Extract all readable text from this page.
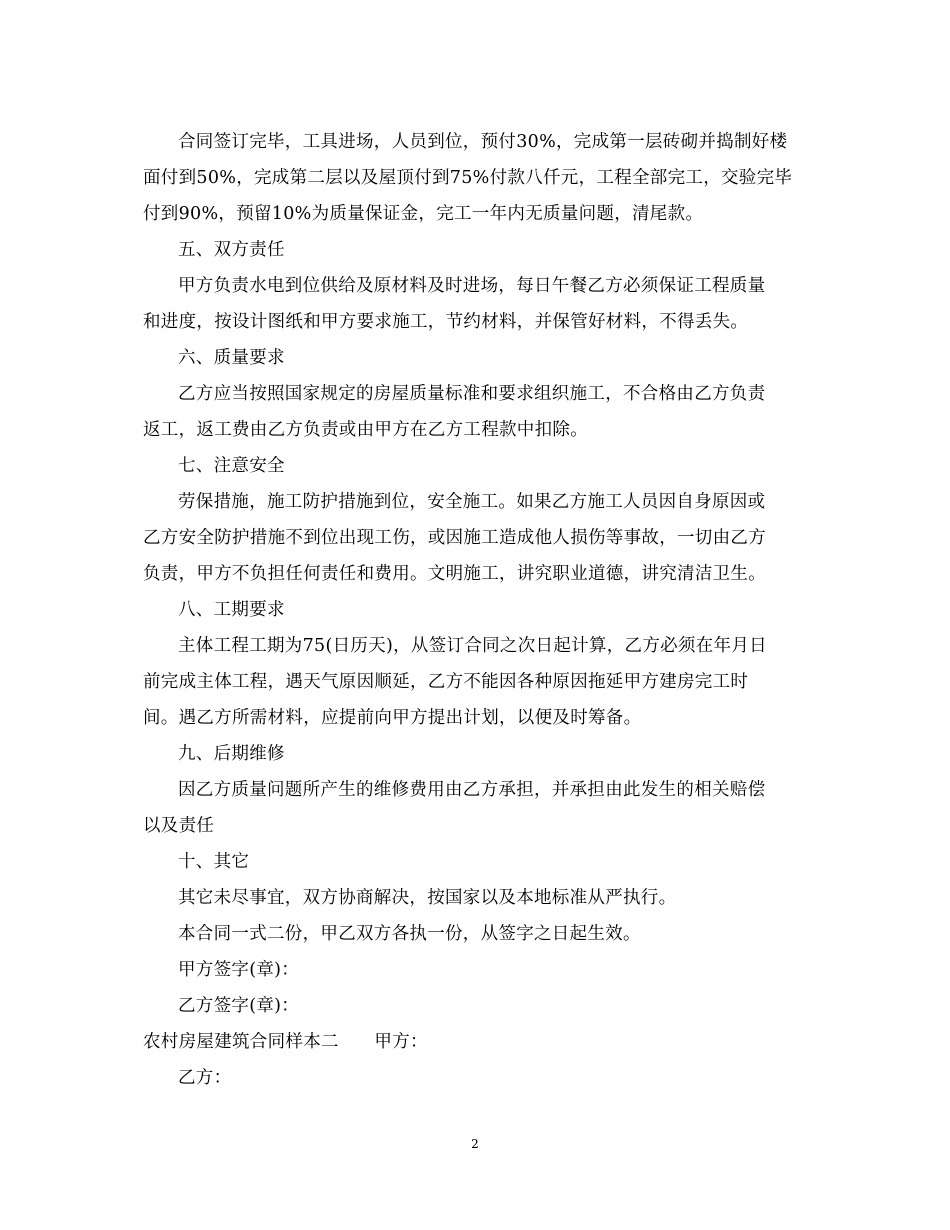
合同签订完毕，工具进场，人员到位，预付30%，完成第一层砖砌并捣制好楼
面付到50%，完成第二层以及屋顶付到75%付款八仟元，工程全部完工，交验完毕
付到90%，预留10%为质量保证金，完工一年内无质量问题，清尾款。
五、双方责任
甲方负责水电到位供给及原材料及时进场，每日午餐乙方必须保证工程质量
和进度，按设计图纸和甲方要求施工，节约材料，并保管好材料，不得丢失。
六、质量要求
乙方应当按照国家规定的房屋质量标准和要求组织施工，不合格由乙方负责
返工，返工费由乙方负责或由甲方在乙方工程款中扣除。
七、注意安全
劳保措施，施工防护措施到位，安全施工。如果乙方施工人员因自身原因或
乙方安全防护措施不到位出现工伤，或因施工造成他人损伤等事故，一切由乙方
负责，甲方不负担任何责任和费用。文明施工，讲究职业道德，讲究清洁卫生。
八、工期要求
主体工程工期为75(日历天)，从签订合同之次日起计算，乙方必须在年月日
前完成主体工程，遇天气原因顺延，乙方不能因各种原因拖延甲方建房完工时
间。遇乙方所需材料，应提前向甲方提出计划，以便及时筹备。
九、后期维修
因乙方质量问题所产生的维修费用由乙方承担，并承担由此发生的相关赔偿
以及责任
十、其它
其它未尽事宜，双方协商解决，按国家以及本地标准从严执行。
本合同一式二份，甲乙双方各执一份，从签字之日起生效。
甲方签字(章)：
乙方签字(章)：
农村房屋建筑合同样本二　　甲方：
乙方：
2
